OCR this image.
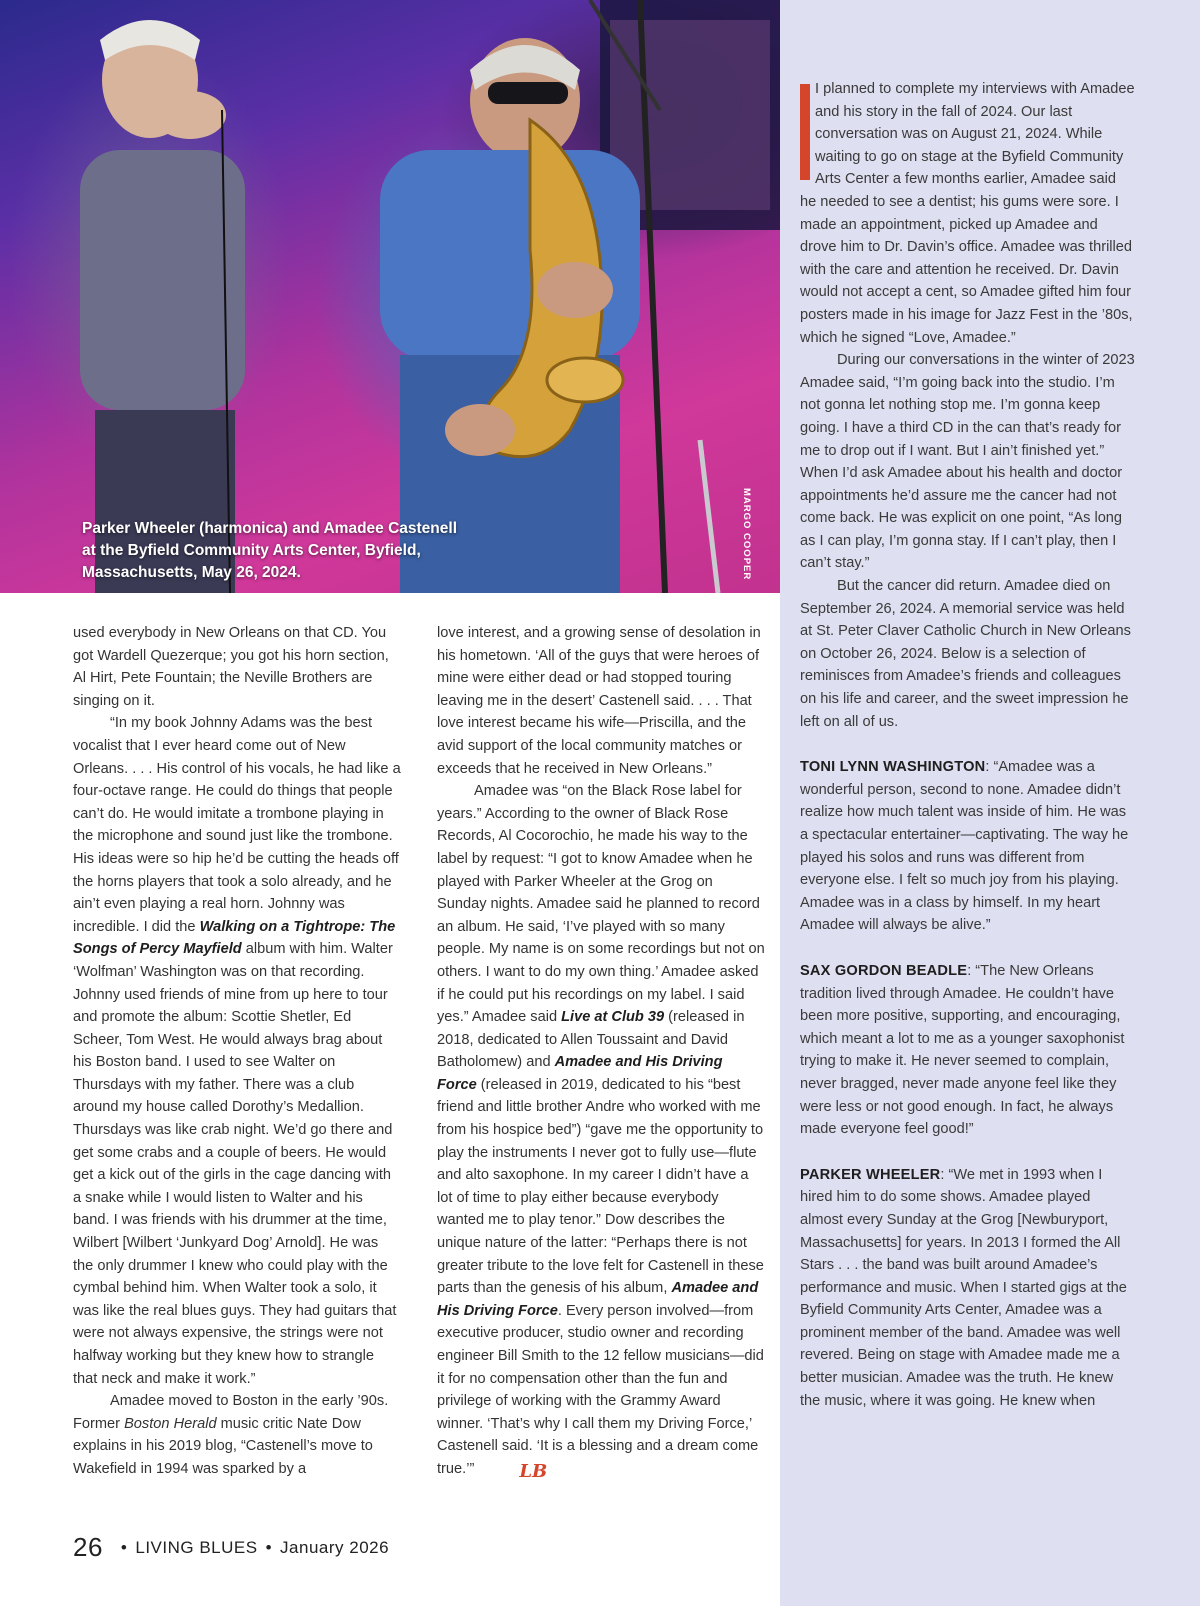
Parker Wheeler (harmonica) and Amadee Castenell at the Byfield Community Arts Center, Byfield, Massachusetts, May 26, 2024.	MARGO COOPER

used everybody in New Orleans on that CD. You got Wardell Quezerque; you got his horn section, Al Hirt, Pete Fountain; the Neville Brothers are singing on it.

“In my book Johnny Adams was the best vocalist that I ever heard come out of New Orleans. . . . His control of his vocals, he had like a four-octave range. He could do things that people can’t do. He would imitate a trombone playing in the microphone and sound just like the trombone. His ideas were so hip he’d be cutting the heads off the horns players that took a solo already, and he ain’t even playing a real horn. Johnny was incredible. I did the Walking on a Tightrope: The Songs of Percy Mayfield album with him. Walter ‘Wolfman’ Washington was on that recording. Johnny used friends of mine from up here to tour and promote the album: Scottie Shetler, Ed Scheer, Tom West. He would always brag about his Boston band. I used to see Walter on Thursdays with my father. There was a club around my house called Dorothy’s Medallion. Thursdays was like crab night. We’d go there and get some crabs and a couple of beers. He would get a kick out of the girls in the cage dancing with a snake while I would listen to Walter and his band. I was friends with his drummer at the time, Wilbert [Wilbert ‘Junkyard Dog’ Arnold]. He was the only drummer I knew who could play with the cymbal behind him. When Walter took a solo, it was like the real blues guys. They had guitars that were not always expensive, the strings were not halfway working but they knew how to strangle that neck and make it work.”

Amadee moved to Boston in the early ’90s. Former Boston Herald music critic Nate Dow explains in his 2019 blog, “Castenell’s move to Wakefield in 1994 was sparked by a

love interest, and a growing sense of desolation in his hometown. ‘All of the guys that were heroes of mine were either dead or had stopped touring leaving me in the desert’ Castenell said. . . . That love interest became his wife—Priscilla, and the avid support of the local community matches or exceeds that he received in New Orleans.”

Amadee was “on the Black Rose label for years.” According to the owner of Black Rose Records, Al Cocorochio, he made his way to the label by request: “I got to know Amadee when he played with Parker Wheeler at the Grog on Sunday nights. Amadee said he planned to record an album. He said, ‘I’ve played with so many people. My name is on some recordings but not on others. I want to do my own thing.’ Amadee asked if he could put his recordings on my label. I said yes.” Amadee said Live at Club 39 (released in 2018, dedicated to Allen Toussaint and David Batholomew) and Amadee and His Driving Force (released in 2019, dedicated to his “best friend and little brother Andre who worked with me from his hospice bed”) “gave me the opportunity to play the instruments I never got to fully use—flute and alto saxophone. In my career I didn’t have a lot of time to play either because everybody wanted me to play tenor.” Dow describes the unique nature of the latter: “Perhaps there is not greater tribute to the love felt for Castenell in these parts than the genesis of his album, Amadee and His Driving Force. Every person involved—from executive producer, studio owner and recording engineer Bill Smith to the 12 fellow musicians—did it for no compensation other than the fun and privilege of working with the Grammy Award winner. ‘That’s why I call them my Driving Force,’ Castenell said. ‘It is a blessing and a dream come true.’”	LB

I planned to complete my interviews with Amadee and his story in the fall of 2024. Our last conversation was on August 21, 2024. While waiting to go on stage at the Byfield Community Arts Center a few months earlier, Amadee said he needed to see a dentist; his gums were sore. I made an appointment, picked up Amadee and drove him to Dr. Davin’s office. Amadee was thrilled with the care and attention he received. Dr. Davin would not accept a cent, so Amadee gifted him four posters made in his image for Jazz Fest in the ’80s, which he signed “Love, Amadee.”

During our conversations in the winter of 2023 Amadee said, “I’m going back into the studio. I’m not gonna let nothing stop me. I’m gonna keep going. I have a third CD in the can that’s ready for me to drop out if I want. But I ain’t finished yet.” When I’d ask Amadee about his health and doctor appointments he’d assure me the cancer had not come back. He was explicit on one point, “As long as I can play, I’m gonna stay. If I can’t play, then I can’t stay.”

But the cancer did return. Amadee died on September 26, 2024. A memorial service was held at St. Peter Claver Catholic Church in New Orleans on October 26, 2024. Below is a selection of reminisces from Amadee’s friends and colleagues on his life and career, and the sweet impression he left on all of us.

TONI LYNN WASHINGTON: “Amadee was a wonderful person, second to none. Amadee didn’t realize how much talent was inside of him. He was a spectacular entertainer—captivating. The way he played his solos and runs was different from everyone else. I felt so much joy from his playing. Amadee was in a class by himself. In my heart Amadee will always be alive.”

SAX GORDON BEADLE: “The New Orleans tradition lived through Amadee. He couldn’t have been more positive, supporting, and encouraging, which meant a lot to me as a younger saxophonist trying to make it. He never seemed to complain, never bragged, never made anyone feel like they were less or not good enough. In fact, he always made everyone feel good!”

PARKER WHEELER: “We met in 1993 when I hired him to do some shows. Amadee played almost every Sunday at the Grog [Newburyport, Massachusetts] for years. In 2013 I formed the All Stars . . . the band was built around Amadee’s performance and music. When I started gigs at the Byfield Community Arts Center, Amadee was a prominent member of the band. Amadee was well revered. Being on stage with Amadee made me a better musician. Amadee was the truth. He knew the music, where it was going. He knew when

26 • LIVING BLUES • January 2026
